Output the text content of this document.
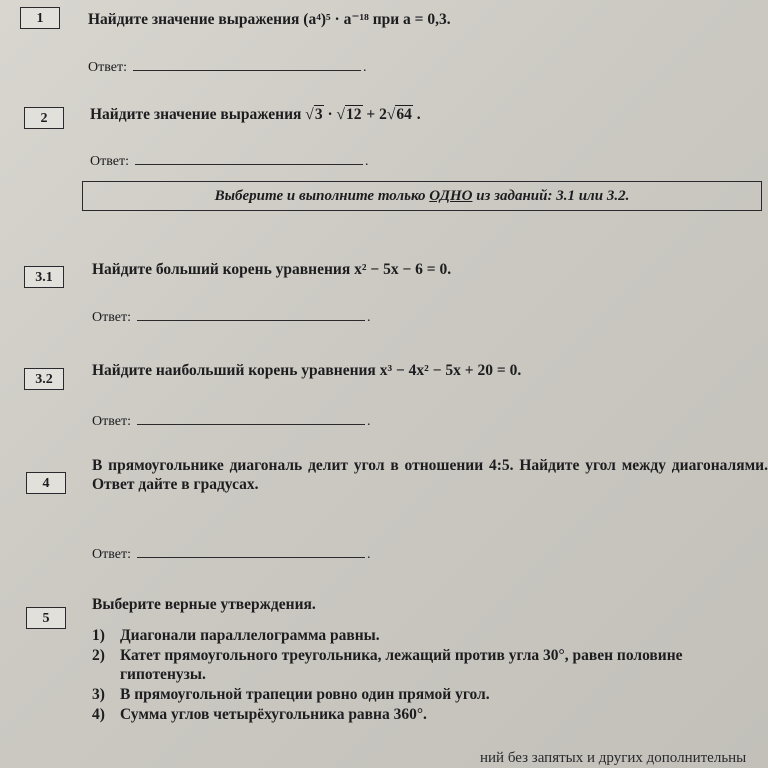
1	Найдите значение выражения (a⁴)⁵ · a⁻¹⁸ при a = 0,3.
Ответ:	.
2	Найдите значение выражения √3 · √12 + 2√64 .
Ответ:	.
Выберите и выполните только ОДНО из заданий: 3.1 или 3.2.
3.1	Найдите больший корень уравнения x² − 5x − 6 = 0.
Ответ:	.
3.2
Найдите наибольший корень уравнения x³ − 4x² − 5x + 20 = 0.
Ответ:	.
4
В прямоугольнике диагональ делит угол в отношении 4:5. Найдите угол между диагоналями. Ответ дайте в градусах.
Ответ:	.
5
Выберите верные утверждения.
1) Диагонали параллелограмма равны.
2) Катет прямоугольного треугольника, лежащий против угла 30°, равен половине гипотенузы.
3) В прямоугольной трапеции ровно один прямой угол.
4) Сумма углов четырёхугольника равна 360°.
ний без запятых и других дополнительны
